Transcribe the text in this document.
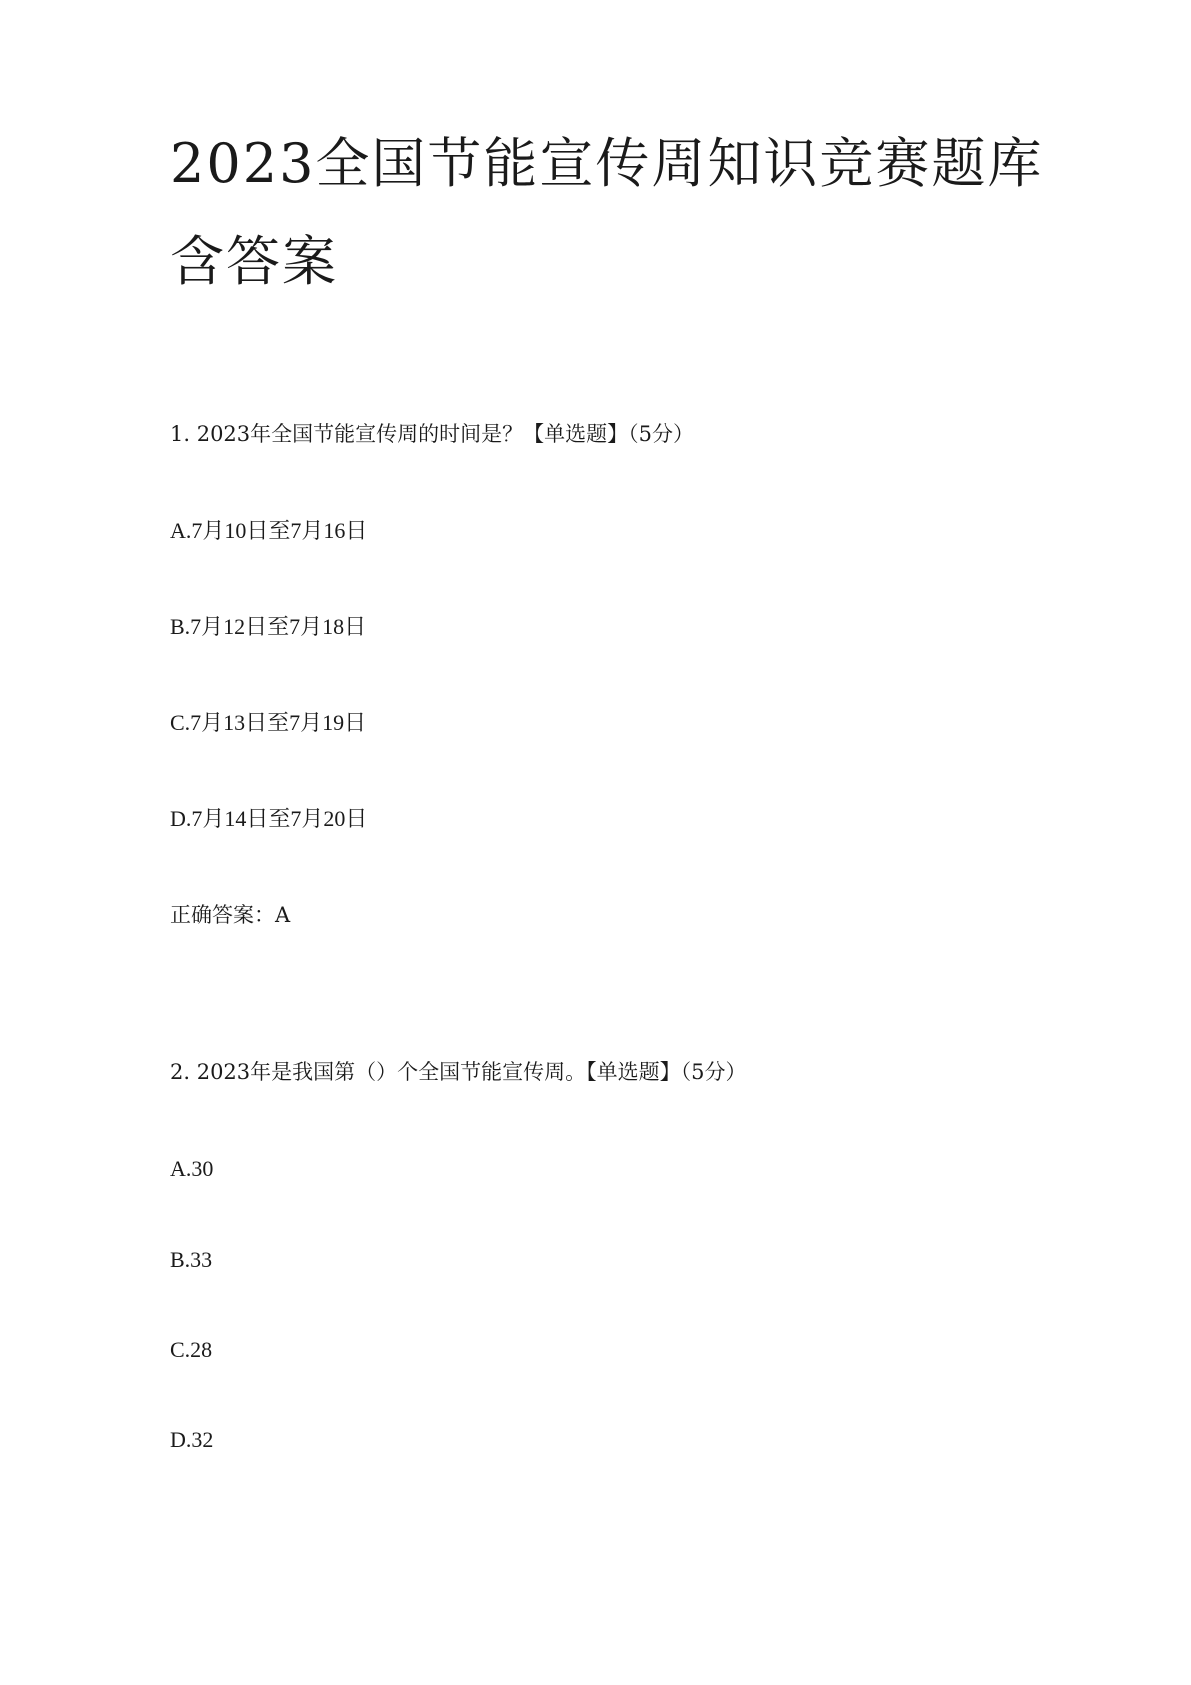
2023全国节能宣传周知识竞赛题库
含答案

1. 2023年全国节能宣传周的时间是？【单选题】（5分）

A.7月10日至7月16日

B.7月12日至7月18日

C.7月13日至7月19日

D.7月14日至7月20日

正确答案：A

2. 2023年是我国第（）个全国节能宣传周。【单选题】（5分）

A.30

B.33

C.28

D.32
